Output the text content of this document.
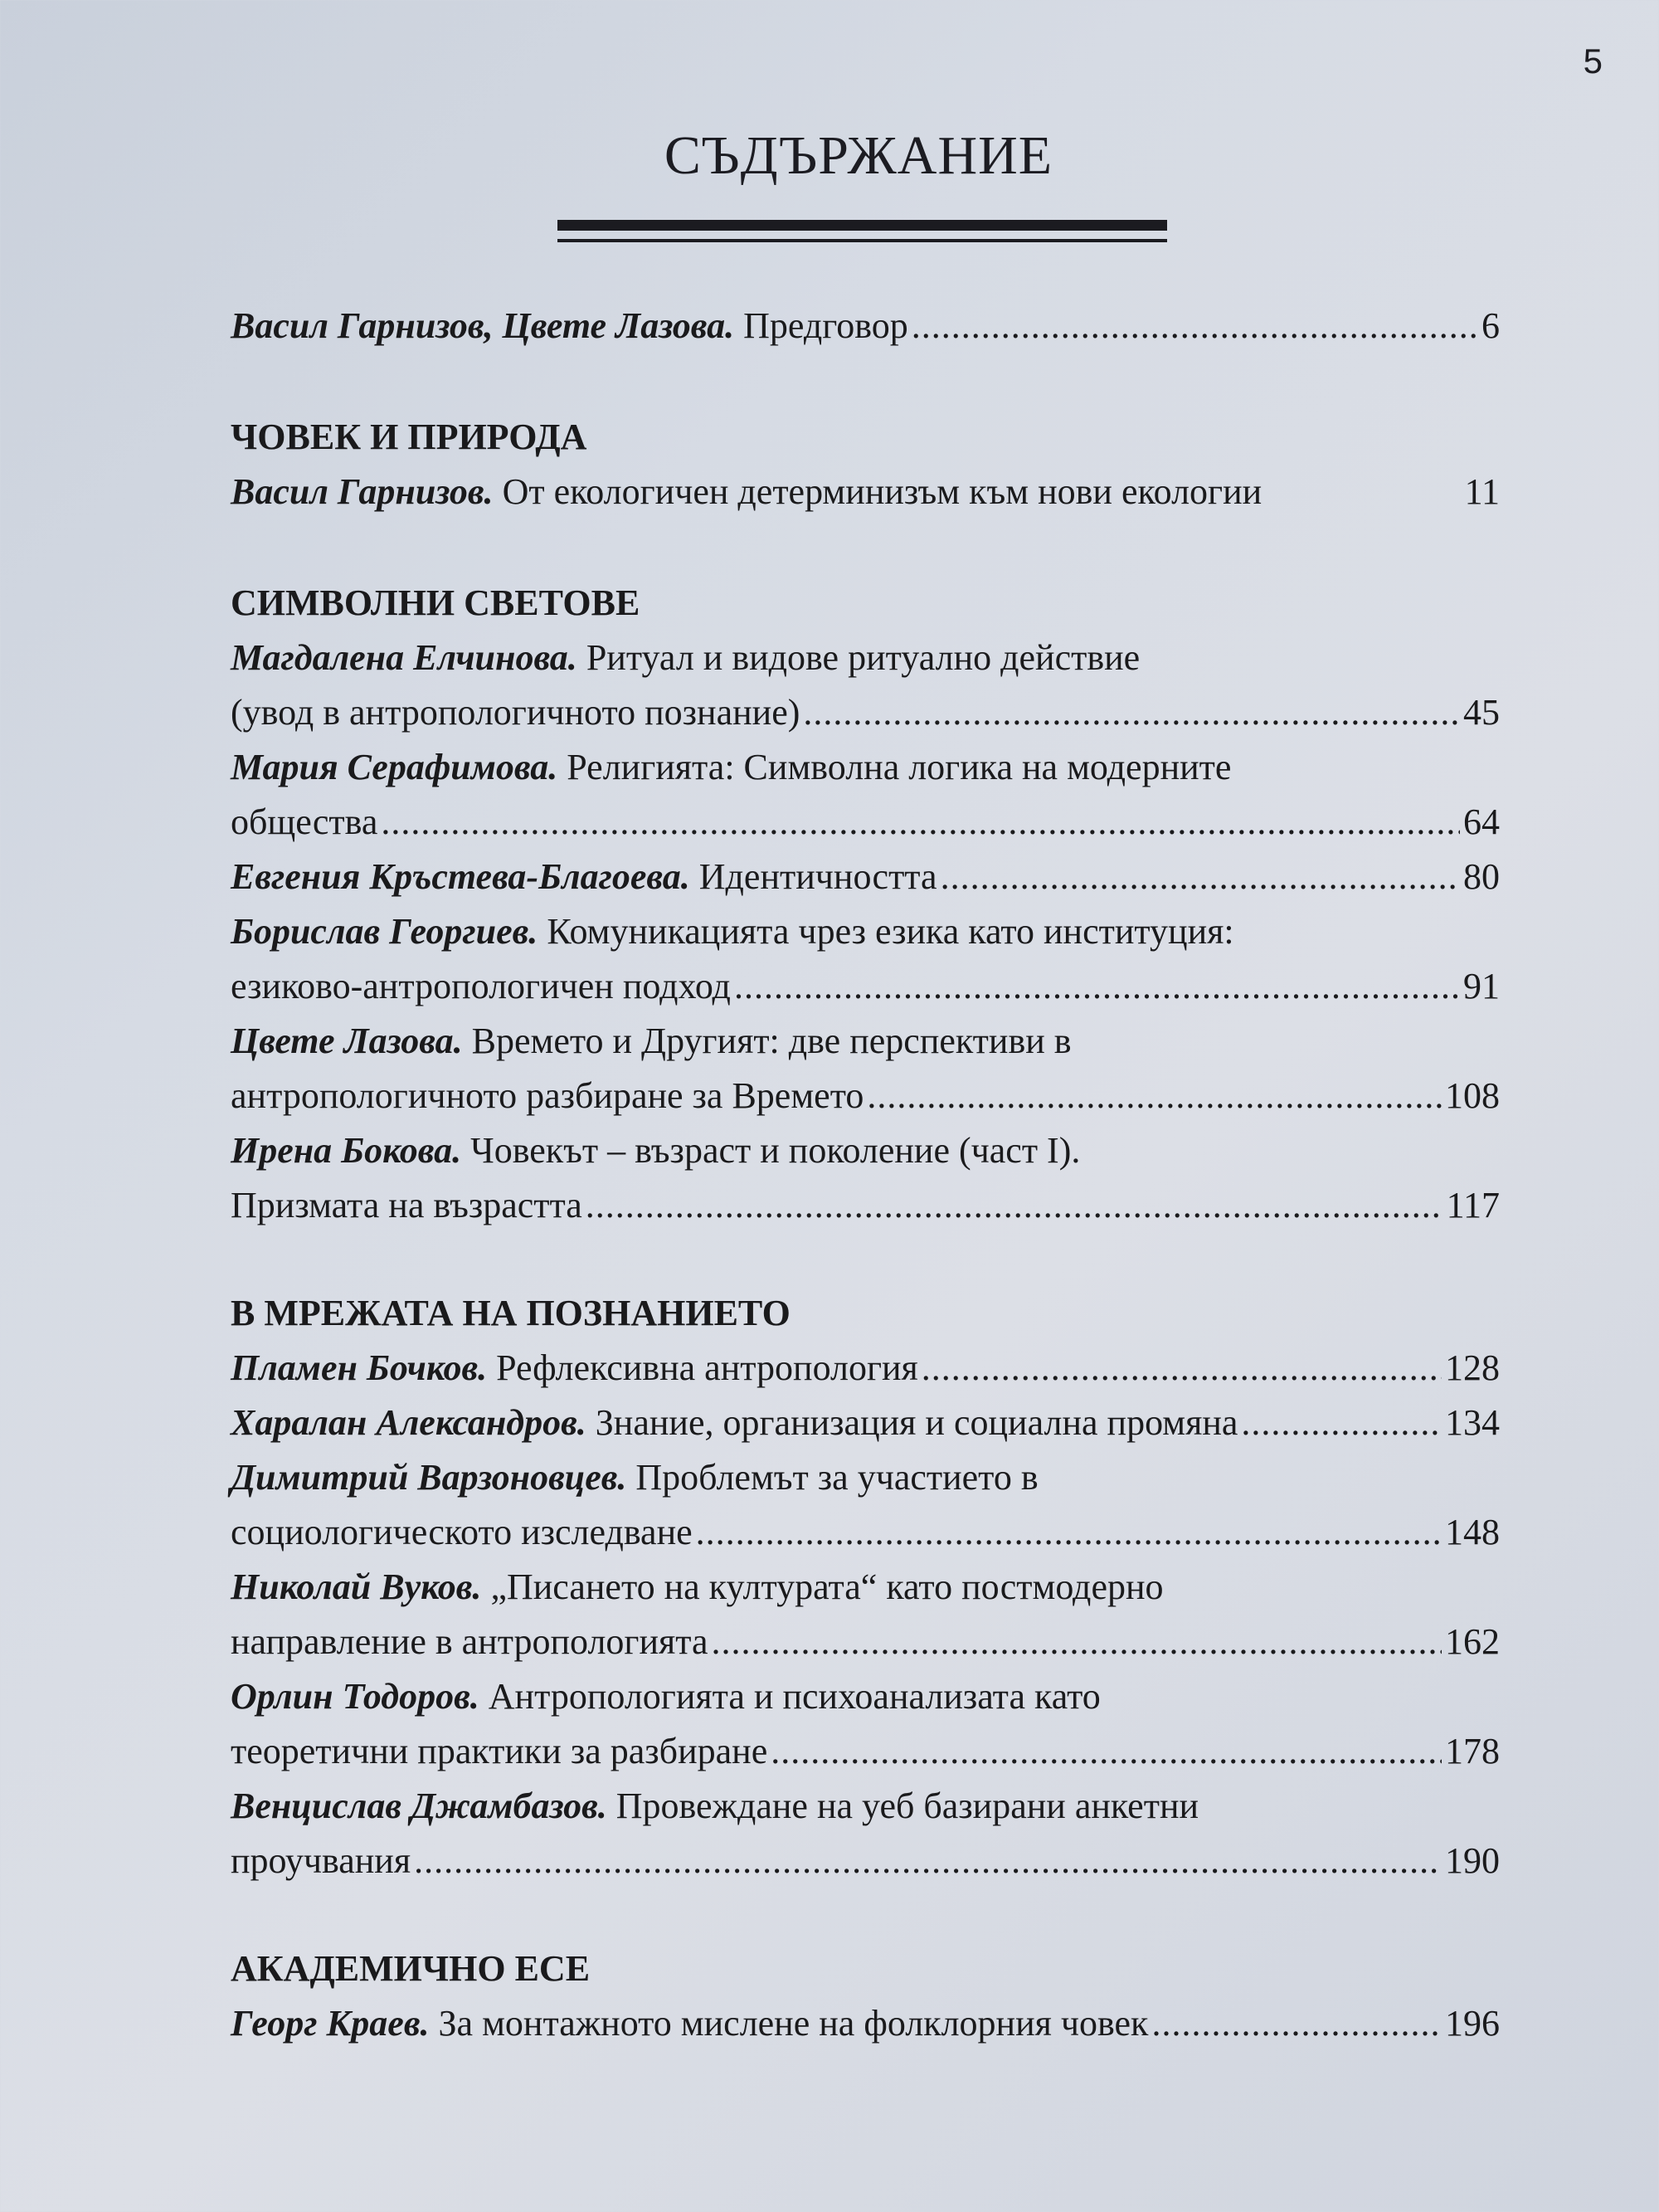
5
СЪДЪРЖАНИЕ
Васил Гарнизов, Цвете Лазова.
Предговор .....	6
ЧОВЕК И ПРИРОДА
Васил Гарнизов.
От екологичен детерминизъм към нови екологии	11
СИМВОЛНИ СВЕТОВЕ
Магдалена Елчинова.
Ритуал и видове ритуално действие
(увод в антропологичното познание) .....	45
Мария Серафимова.
Религията: Символна логика на модерните
общества .....	64
Евгения Кръстева-Благоева.
Идентичността .....	80
Борислав Георгиев.
Комуникацията чрез езика като институция:
езиково-антропологичен подход .....	91
Цвете Лазова.
Времето и Другият: две перспективи в
антропологичното разбиране за Времето .....	108
Ирена Бокова.
Човекът – възраст и поколение (част I).
Призмата на възрастта .....	117
В МРЕЖАТА НА ПОЗНАНИЕТО
Пламен Бочков.
Рефлексивна антропология .....	128
Харалан Александров.
Знание, организация и социална промяна .....	134
Димитрий Варзоновцев.
Проблемът за участието в
социологическото изследване .....	148
Николай Вуков.
„Писането на културата“ като постмодерно
направление в антропологията .....	162
Орлин Тодоров.
Антропологията и психоанализата като
теоретични практики за разбиране .....	178
Венцислав Джамбазов.
Провеждане на уеб базирани анкетни
проучвания .....	190
АКАДЕМИЧНО ЕСЕ
Георг Краев.
За монтажното мислене на фолклорния човек .....	196
